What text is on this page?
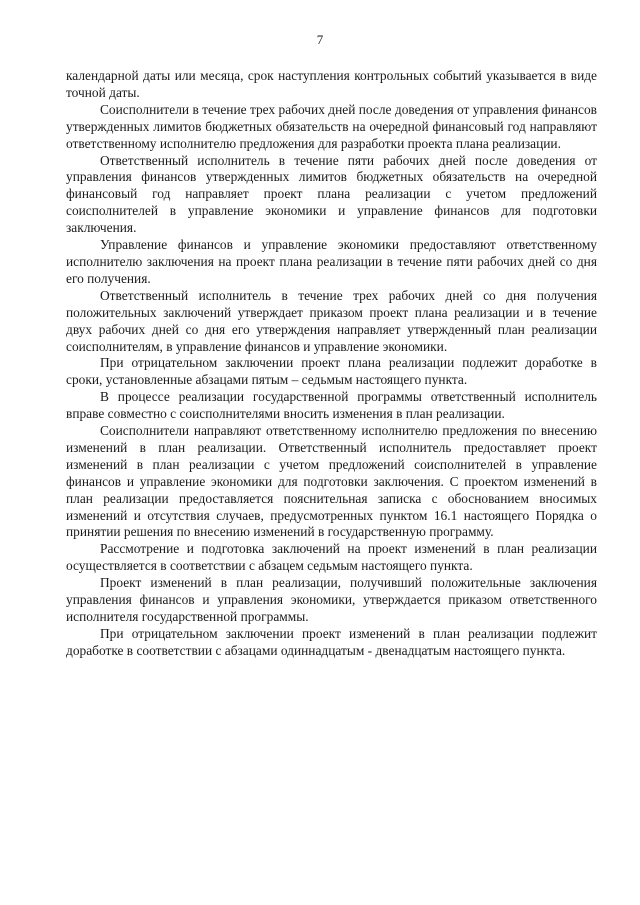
7

календарной даты или месяца, срок наступления контрольных событий указывается в виде точной даты.

Соисполнители в течение трех рабочих дней после доведения от управления финансов утвержденных лимитов бюджетных обязательств на очередной финансовый год направляют ответственному исполнителю предложения для разработки проекта плана реализации.

Ответственный исполнитель в течение пяти рабочих дней после доведения от управления финансов утвержденных лимитов бюджетных обязательств на очередной финансовый год направляет проект плана реализации с учетом предложений соисполнителей в управление экономики и управление финансов для подготовки заключения.

Управление финансов и управление экономики предоставляют ответственному исполнителю заключения на проект плана реализации в течение пяти рабочих дней со дня его получения.

Ответственный исполнитель в течение трех рабочих дней со дня получения положительных заключений утверждает приказом проект плана реализации и в течение двух рабочих дней со дня его утверждения направляет утвержденный план реализации соисполнителям, в управление финансов и управление экономики.

При отрицательном заключении проект плана реализации подлежит доработке в сроки, установленные абзацами пятым – седьмым настоящего пункта.

В процессе реализации государственной программы ответственный исполнитель вправе совместно с соисполнителями вносить изменения в план реализации.

Соисполнители направляют ответственному исполнителю предложения по внесению изменений в план реализации. Ответственный исполнитель предоставляет проект изменений в план реализации с учетом предложений соисполнителей в управление финансов и управление экономики для подготовки заключения. С проектом изменений в план реализации предоставляется пояснительная записка с обоснованием вносимых изменений и отсутствия случаев, предусмотренных пунктом 16.1 настоящего Порядка о принятии решения по внесению изменений в государственную программу.

Рассмотрение и подготовка заключений на проект изменений в план реализации осуществляется в соответствии с абзацем седьмым настоящего пункта.

Проект изменений в план реализации, получивший положительные заключения управления финансов и управления экономики, утверждается приказом ответственного исполнителя государственной программы.

При отрицательном заключении проект изменений в план реализации подлежит доработке в соответствии с абзацами одиннадцатым - двенадцатым настоящего пункта.
